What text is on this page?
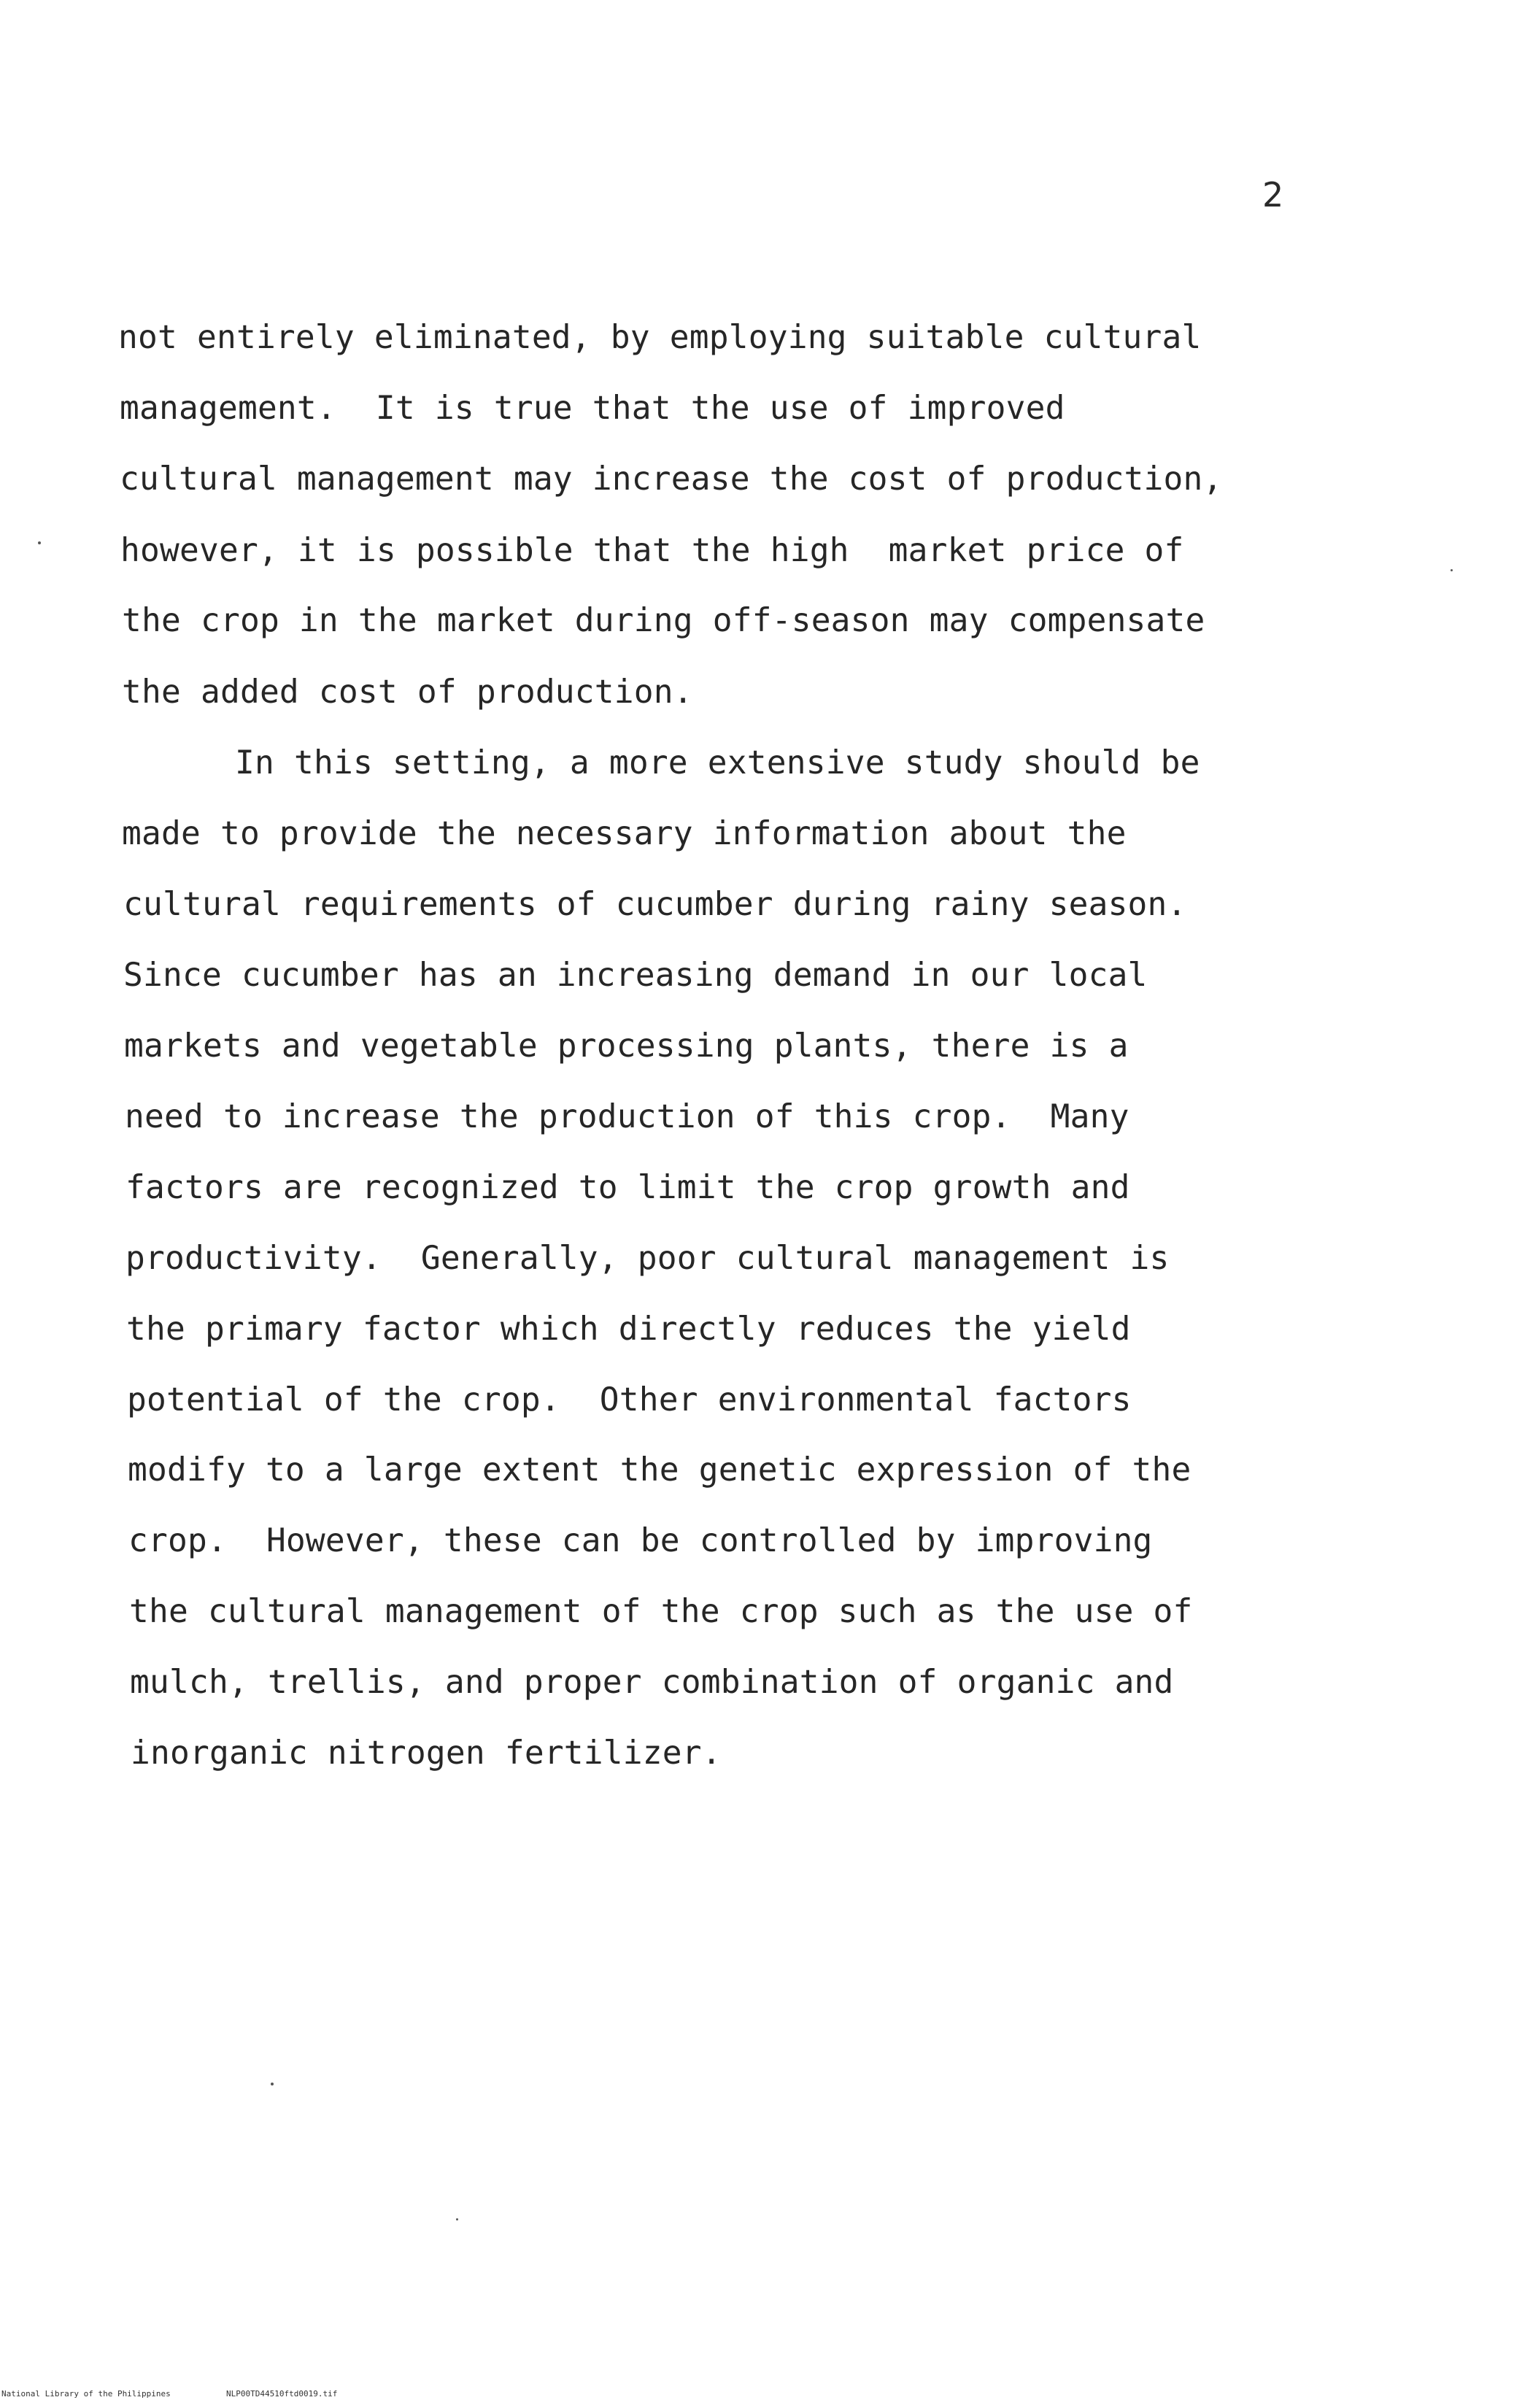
2
not entirely eliminated, by employing suitable cultural
management.  It is true that the use of improved
cultural management may increase the cost of production,
however, it is possible that the high  market price of
the crop in the market during off-season may compensate
the added cost of production.
In this setting, a more extensive study should be
made to provide the necessary information about the
cultural requirements of cucumber during rainy season.
Since cucumber has an increasing demand in our local
markets and vegetable processing plants, there is a
need to increase the production of this crop.  Many
factors are recognized to limit the crop growth and
productivity.  Generally, poor cultural management is
the primary factor which directly reduces the yield
potential of the crop.  Other environmental factors
modify to a large extent the genetic expression of the
crop.  However, these can be controlled by improving
the cultural management of the crop such as the use of
mulch, trellis, and proper combination of organic and
inorganic nitrogen fertilizer.
National Library of the Philippines	NLP00TD44510ftd0019.tif
